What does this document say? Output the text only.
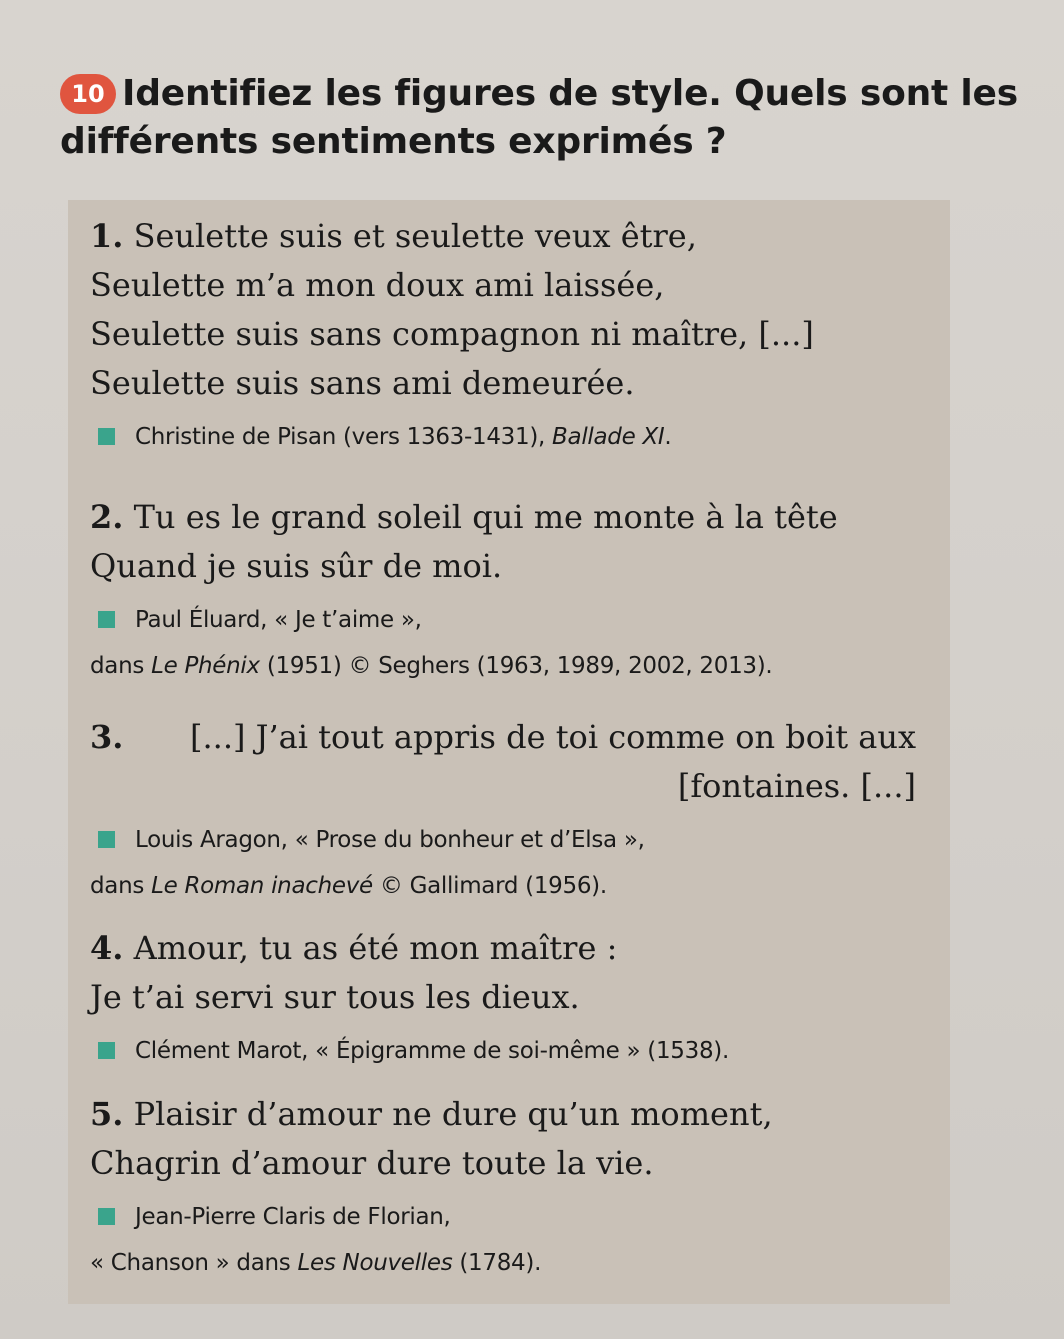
10 Identifiez les figures de style. Quels sont les différents sentiments exprimés ?

1. Seulette suis et seulette veux être,

Seulette m’a mon doux ami laissée,

Seulette suis sans compagnon ni maître, [...]

Seulette suis sans ami demeurée.

Christine de Pisan (vers 1363-1431), Ballade XI.

2. Tu es le grand soleil qui me monte à la tête

Quand je suis sûr de moi.

Paul Éluard, « Je t’aime »,

dans Le Phénix (1951) © Seghers (1963, 1989, 2002, 2013).

3. [...] J’ai tout appris de toi comme on boit aux

[fontaines. [...]

Louis Aragon, « Prose du bonheur et d’Elsa »,

dans Le Roman inachevé © Gallimard (1956).

4. Amour, tu as été mon maître :

Je t’ai servi sur tous les dieux.

Clément Marot, « Épigramme de soi-même » (1538).

5. Plaisir d’amour ne dure qu’un moment,

Chagrin d’amour dure toute la vie.

Jean-Pierre Claris de Florian,

« Chanson » dans Les Nouvelles (1784).
